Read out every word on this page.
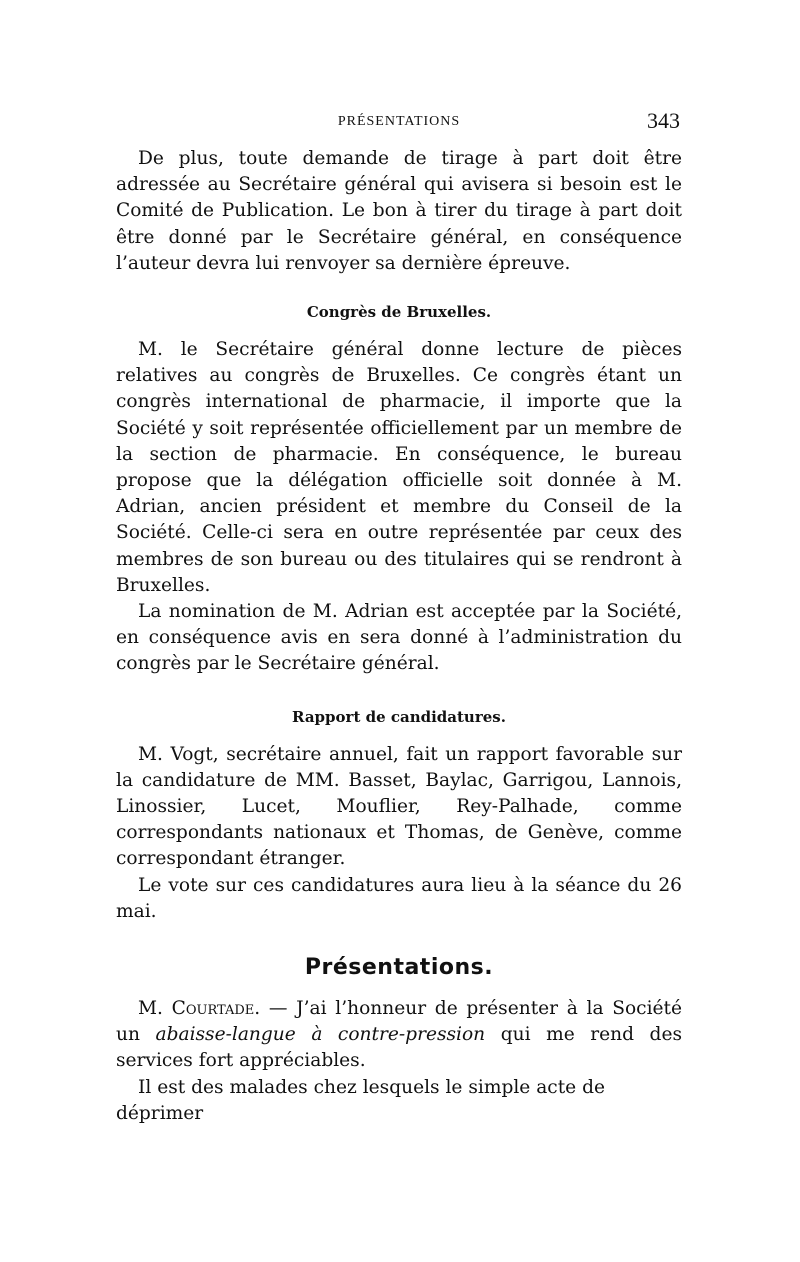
PRÉSENTATIONS	343

De plus, toute demande de tirage à part doit être adressée au Secrétaire général qui avisera si besoin est le Comité de Publication. Le bon à tirer du tirage à part doit être donné par le Secrétaire général, en conséquence l’auteur devra lui renvoyer sa dernière épreuve.

Congrès de Bruxelles.

M. le Secrétaire général donne lecture de pièces relatives au congrès de Bruxelles. Ce congrès étant un congrès international de pharmacie, il importe que la Société y soit représentée officiellement par un membre de la section de pharmacie. En conséquence, le bureau propose que la délégation officielle soit donnée à M. Adrian, ancien président et membre du Conseil de la Société. Celle-ci sera en outre représentée par ceux des membres de son bureau ou des titulaires qui se rendront à Bruxelles.

La nomination de M. Adrian est acceptée par la Société, en conséquence avis en sera donné à l’administration du congrès par le Secrétaire général.

Rapport de candidatures.

M. Vogt, secrétaire annuel, fait un rapport favorable sur la candidature de MM. Basset, Baylac, Garrigou, Lannois, Linossier, Lucet, Mouflier, Rey-Palhade, comme correspondants nationaux et Thomas, de Genève, comme correspondant étranger.

Le vote sur ces candidatures aura lieu à la séance du 26 mai.

Présentations.

M. Courtade. — J’ai l’honneur de présenter à la Société un abaisse-langue à contre-pression qui me rend des services fort appréciables.

Il est des malades chez lesquels le simple acte de déprimer
